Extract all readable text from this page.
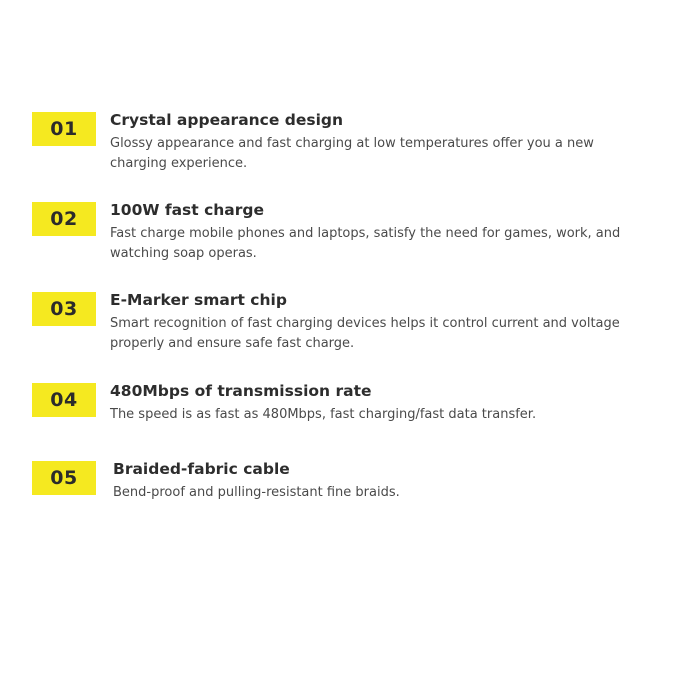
01	Crystal appearance design

Glossy appearance and fast charging at low temperatures offer you a new charging experience.

02	100W fast charge

Fast charge mobile phones and laptops, satisfy the need for games, work, and watching soap operas.

03	E-Marker smart chip

Smart recognition of fast charging devices helps it control current and voltage properly and ensure safe fast charge.

04	480Mbps of transmission rate

The speed is as fast as 480Mbps, fast charging/fast data transfer.

05	Braided-fabric cable

Bend-proof and pulling-resistant fine braids.
